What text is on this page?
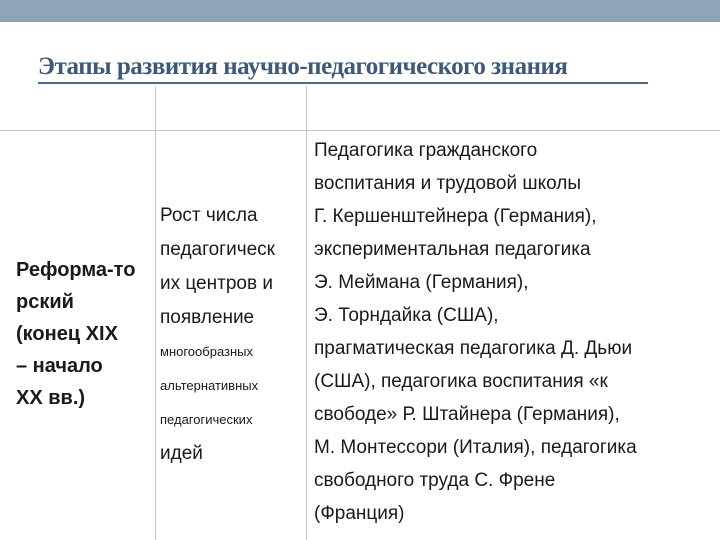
Этапы развития научно-педагогического знания
Этап	Содержание	Примеры педагогического знания
Реформа-то
рский
(конец XIX
– начало
XX вв.)
Рост числа
педагогическ
их центров и
появление
многообразных
альтернативных
педагогических
идей
Педагогика гражданского
воспитания и трудовой школы
Г. Кершенштейнера (Германия),
экспериментальная педагогика
Э. Меймана (Германия),
Э. Торндайка (США),
прагматическая педагогика Д. Дьюи
(США), педагогика воспитания «к
свободе» Р. Штайнера (Германия),
М. Монтессори (Италия), педагогика
свободного труда С. Френе
(Франция)
